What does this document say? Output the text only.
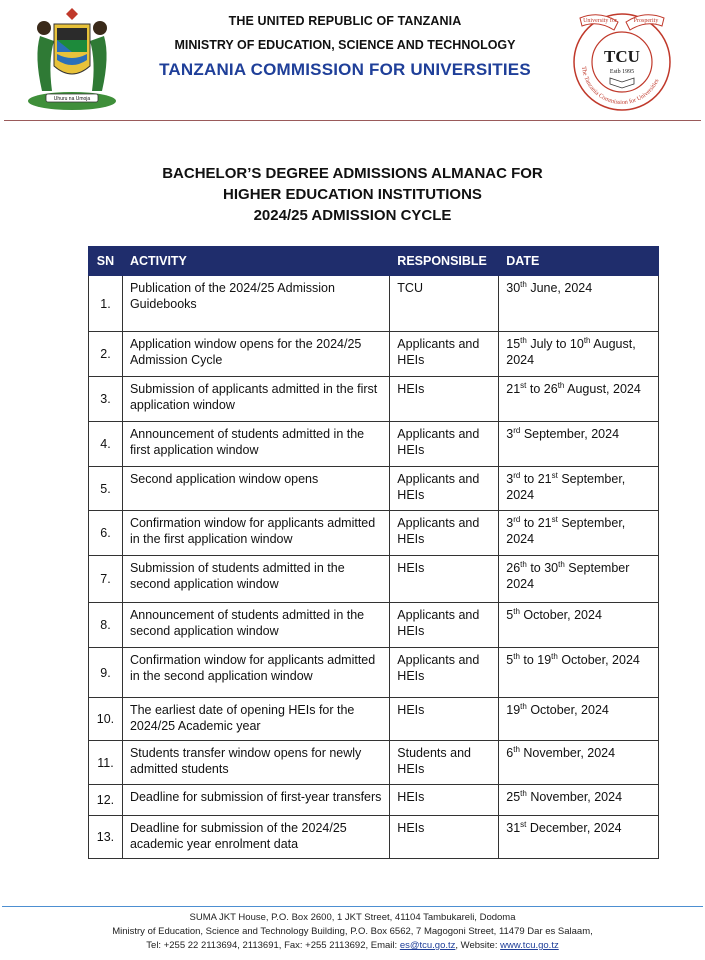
Uhuru na Umoja
THE UNITED REPUBLIC OF TANZANIA
MINISTRY OF EDUCATION, SCIENCE AND TECHNOLOGY
TANZANIA COMMISSION FOR UNIVERSITIES
University for	Prosperity
TCU
Estb 1995
The Tanzania Commission for Universities
BACHELOR’S DEGREE ADMISSIONS ALMANAC FOR
HIGHER EDUCATION INSTITUTIONS
2024/25 ADMISSION CYCLE
SN	ACTIVITY	RESPONSIBLE	DATE
1.	Publication of the 2024/25 Admission Guidebooks	TCU	30th June, 2024
2.	Application window opens for the 2024/25 Admission Cycle	Applicants and HEIs	15th July to 10th August, 2024
3.	Submission of applicants admitted in the first application window	HEIs	21st to 26th August, 2024
4.	Announcement of students admitted in the first application window	Applicants and HEIs	3rd September, 2024
5.	Second application window opens	Applicants and HEIs	3rd to 21st September, 2024
6.	Confirmation window for applicants admitted in the first application window	Applicants and HEIs	3rd to 21st September, 2024
7.	Submission of students admitted in the second application window	HEIs	26th to 30th September 2024
8.	Announcement of students admitted in the second application window	Applicants and HEIs	5th October, 2024
9.	Confirmation window for applicants admitted in the second application window	Applicants and HEIs	5th to 19th October, 2024
10.	The earliest date of opening HEIs for the 2024/25 Academic year	HEIs	19th October, 2024
11.	Students transfer window opens for newly admitted students	Students and HEIs	6th November, 2024
12.	Deadline for submission of first-year transfers	HEIs	25th November, 2024
13.	Deadline for submission of the 2024/25 academic year enrolment data	HEIs	31st December, 2024
SUMA JKT House, P.O. Box 2600, 1 JKT Street, 41104 Tambukareli, Dodoma
Ministry of Education, Science and Technology Building, P.O. Box 6562, 7 Magogoni Street, 11479 Dar es Salaam,
Tel: +255 22 2113694, 2113691, Fax: +255 2113692, Email: es@tcu.go.tz, Website: www.tcu.go.tz
